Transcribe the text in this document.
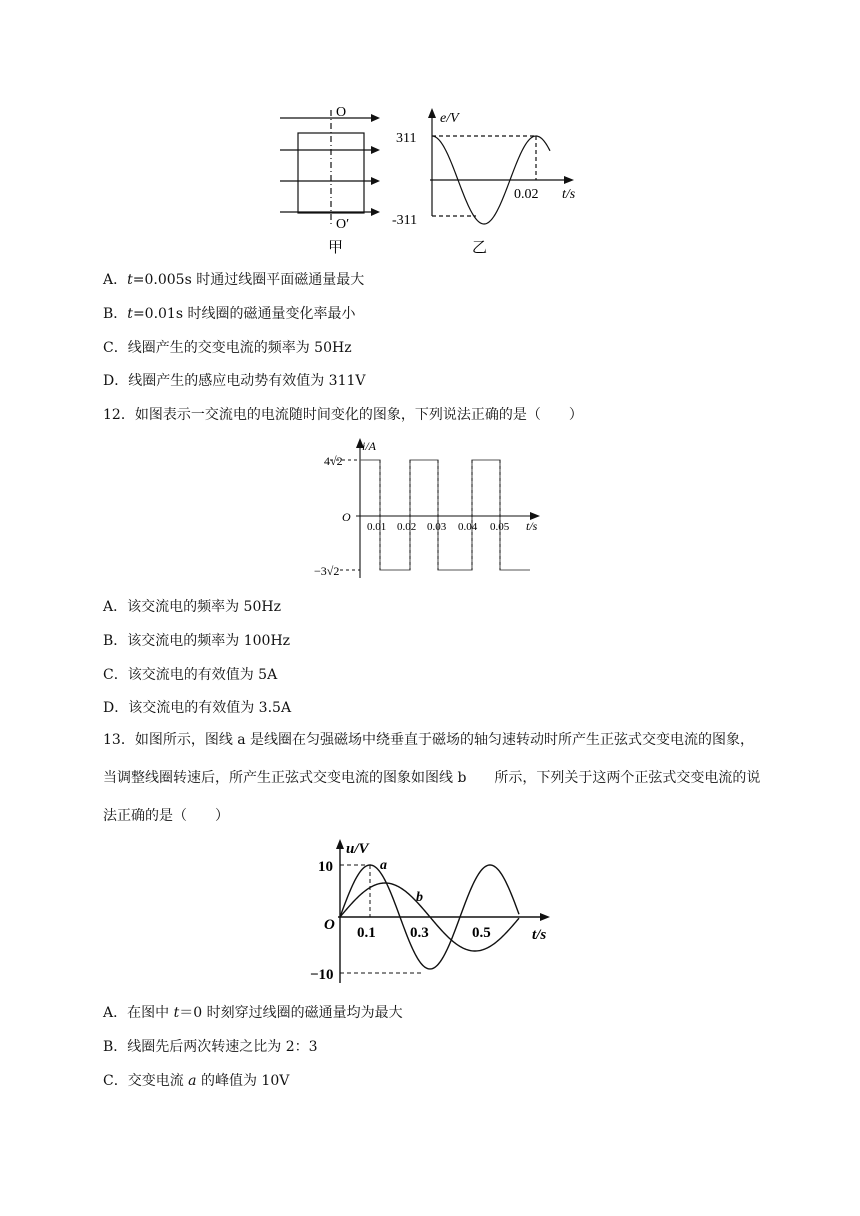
O
O′
甲
e/V
311
-311
0.02 t/s
乙
A．t=0.005s 时通过线圈平面磁通量最大
B．t=0.01s 时线圈的磁通量变化率最小
C．线圈产生的交变电流的频率为 50Hz
D．线圈产生的感应电动势有效值为 311V
12．如图表示一交流电的电流随时间变化的图象，下列说法正确的是（　　）
i/A
4√2
−3√2
O
0.01 0.02 0.03 0.04 0.05 t/s
A．该交流电的频率为 50Hz
B．该交流电的频率为 100Hz
C．该交流电的有效值为 5A
D．该交流电的有效值为 3.5A
13．如图所示，图线 a 是线圈在匀强磁场中绕垂直于磁场的轴匀速转动时所产生正弦式交变电流的图象，当调整线圈转速后，所产生正弦式交变电流的图象如图线 b　　所示，下列关于这两个正弦式交变电流的说法正确的是（　　）
u/V
10
−10
O 0.1 0.3	0.5	t/s
a
b
A．在图中 t＝0 时刻穿过线圈的磁通量均为最大
B．线圈先后两次转速之比为 2：3
C．交变电流 a 的峰值为 10V
